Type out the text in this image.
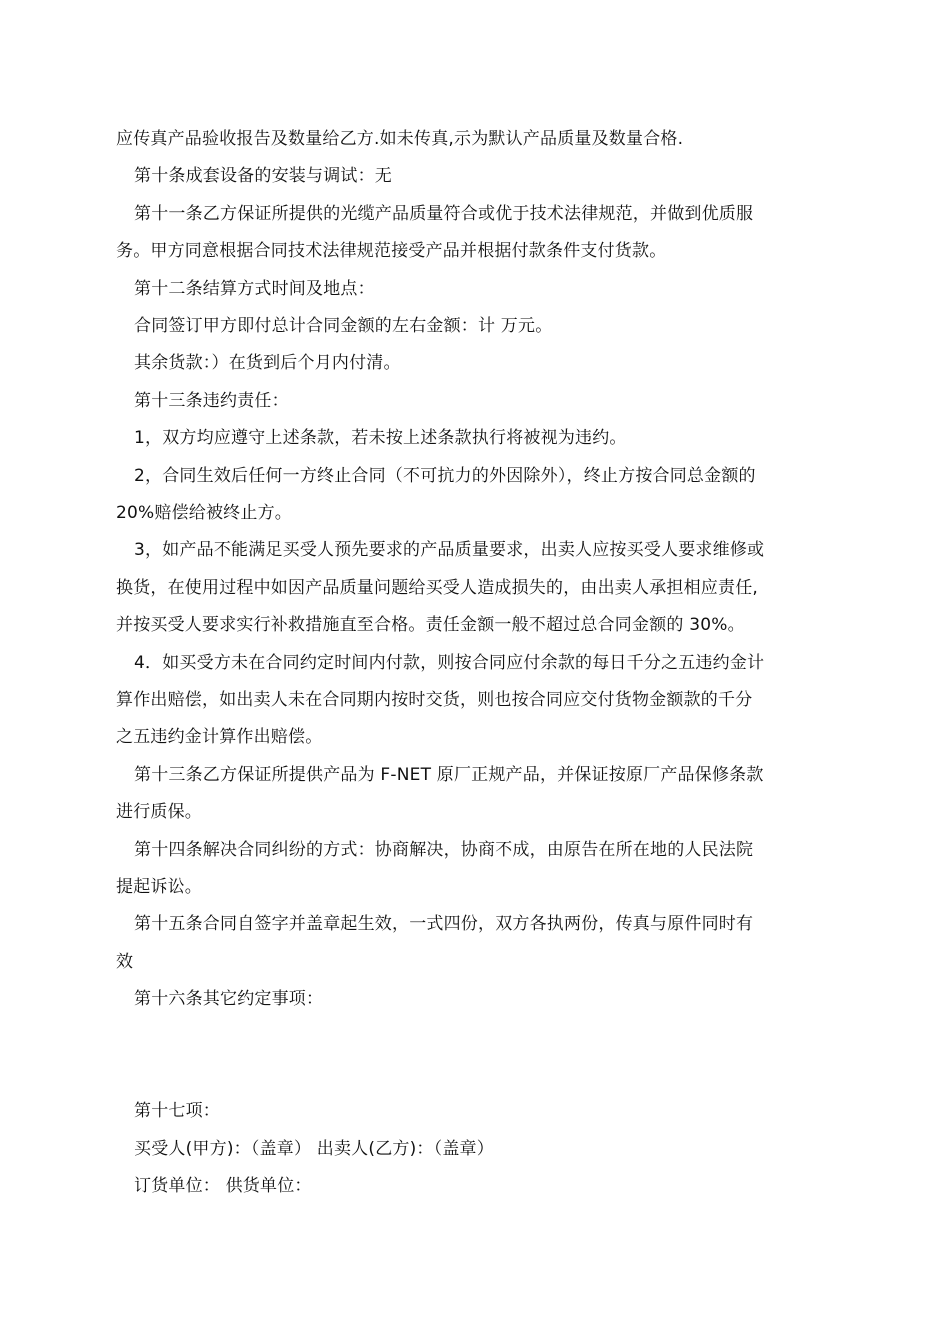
应传真产品验收报告及数量给乙方.如未传真,示为默认产品质量及数量合格.
第十条成套设备的安装与调试：无
第十一条乙方保证所提供的光缆产品质量符合或优于技术法律规范，并做到优质服
务。甲方同意根据合同技术法律规范接受产品并根据付款条件支付货款。
第十二条结算方式时间及地点：
合同签订甲方即付总计合同金额的左右金额：计 万元。
其余货款：）在货到后个月内付清。
第十三条违约责任：
1，双方均应遵守上述条款，若未按上述条款执行将被视为违约。
2，合同生效后任何一方终止合同（不可抗力的外因除外），终止方按合同总金额的
20%赔偿给被终止方。
3，如产品不能满足买受人预先要求的产品质量要求，出卖人应按买受人要求维修或
换货，在使用过程中如因产品质量问题给买受人造成损失的，由出卖人承担相应责任,
并按买受人要求实行补救措施直至合格。责任金额一般不超过总合同金额的 30%。
4．如买受方未在合同约定时间内付款，则按合同应付余款的每日千分之五违约金计
算作出赔偿，如出卖人未在合同期内按时交货，则也按合同应交付货物金额款的千分
之五违约金计算作出赔偿。
第十三条乙方保证所提供产品为 F-NET 原厂正规产品，并保证按原厂产品保修条款
进行质保。
第十四条解决合同纠纷的方式：协商解决，协商不成，由原告在所在地的人民法院
提起诉讼。
第十五条合同自签字并盖章起生效，一式四份，双方各执两份，传真与原件同时有
效
第十六条其它约定事项：
第十七项：
买受人(甲方)：（盖章） 出卖人(乙方)：（盖章）
订货单位： 供货单位：
